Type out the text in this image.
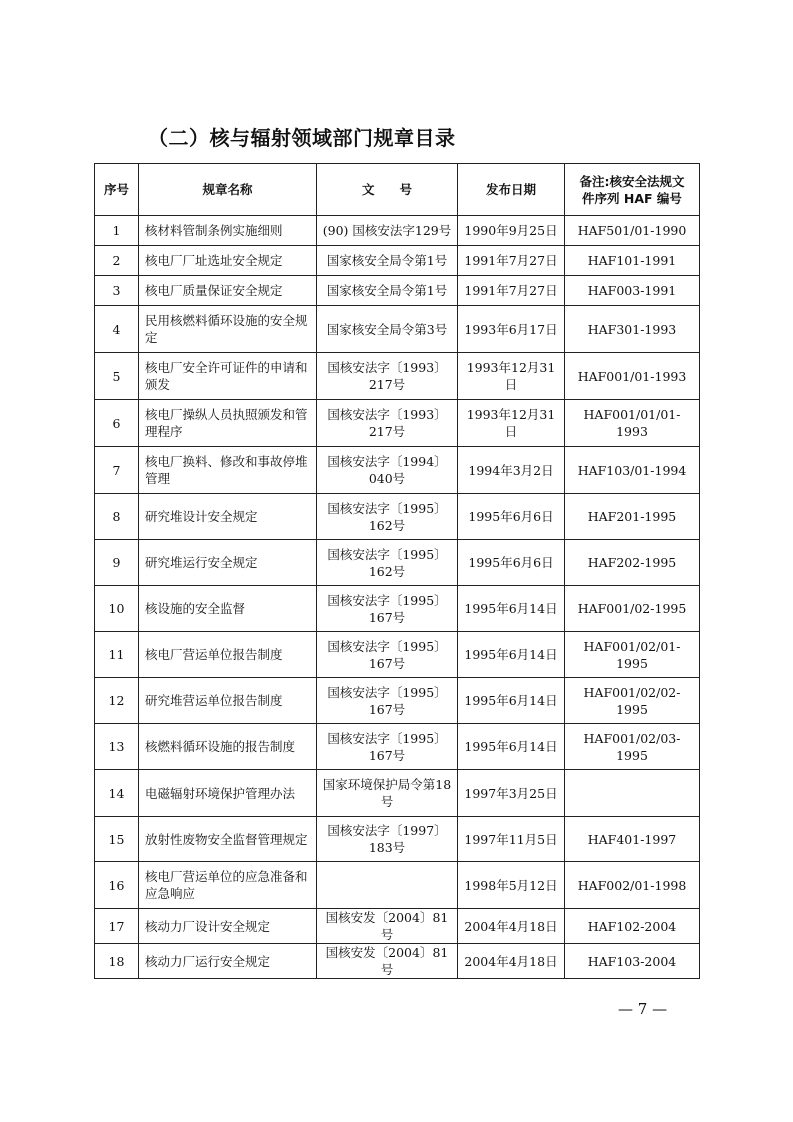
（二）核与辐射领域部门规章目录
序号	规章名称	文　　号	发布日期	备注:核安全法规文
件序列 HAF 编号

1	核材料管制条例实施细则	(90) 国核安法字129号	1990年9月25日	HAF501/01-1990
2	核电厂厂址选址安全规定	国家核安全局令第1号	1991年7月27日	HAF101-1991
3	核电厂质量保证安全规定	国家核安全局令第1号	1991年7月27日	HAF003-1991
4	民用核燃料循环设施的安全规定	国家核安全局令第3号	1993年6月17日	HAF301-1993
5	核电厂安全许可证件的申请和颁发	国核安法字〔1993〕217号	1993年12月31日	HAF001/01-1993
6	核电厂操纵人员执照颁发和管理程序	国核安法字〔1993〕217号	1993年12月31日	HAF001/01/01-1993
7	核电厂换料、修改和事故停堆管理	国核安法字〔1994〕040号	1994年3月2日	HAF103/01-1994
8	研究堆设计安全规定	国核安法字〔1995〕162号	1995年6月6日	HAF201-1995
9	研究堆运行安全规定	国核安法字〔1995〕162号	1995年6月6日	HAF202-1995
10	核设施的安全监督	国核安法字〔1995〕167号	1995年6月14日	HAF001/02-1995
11	核电厂营运单位报告制度	国核安法字〔1995〕167号	1995年6月14日	HAF001/02/01-1995
12	研究堆营运单位报告制度	国核安法字〔1995〕167号	1995年6月14日	HAF001/02/02-1995
13	核燃料循环设施的报告制度	国核安法字〔1995〕167号	1995年6月14日	HAF001/02/03-1995
14	电磁辐射环境保护管理办法	国家环境保护局令第18号	1997年3月25日	
15	放射性废物安全监督管理规定	国核安法字〔1997〕183号	1997年11月5日	HAF401-1997
16	核电厂营运单位的应急准备和应急响应		1998年5月12日	HAF002/01-1998
17	核动力厂设计安全规定	国核安发〔2004〕81号	2004年4月18日	HAF102-2004
18	核动力厂运行安全规定	国核安发〔2004〕81号	2004年4月18日	HAF103-2004
— 7 —
